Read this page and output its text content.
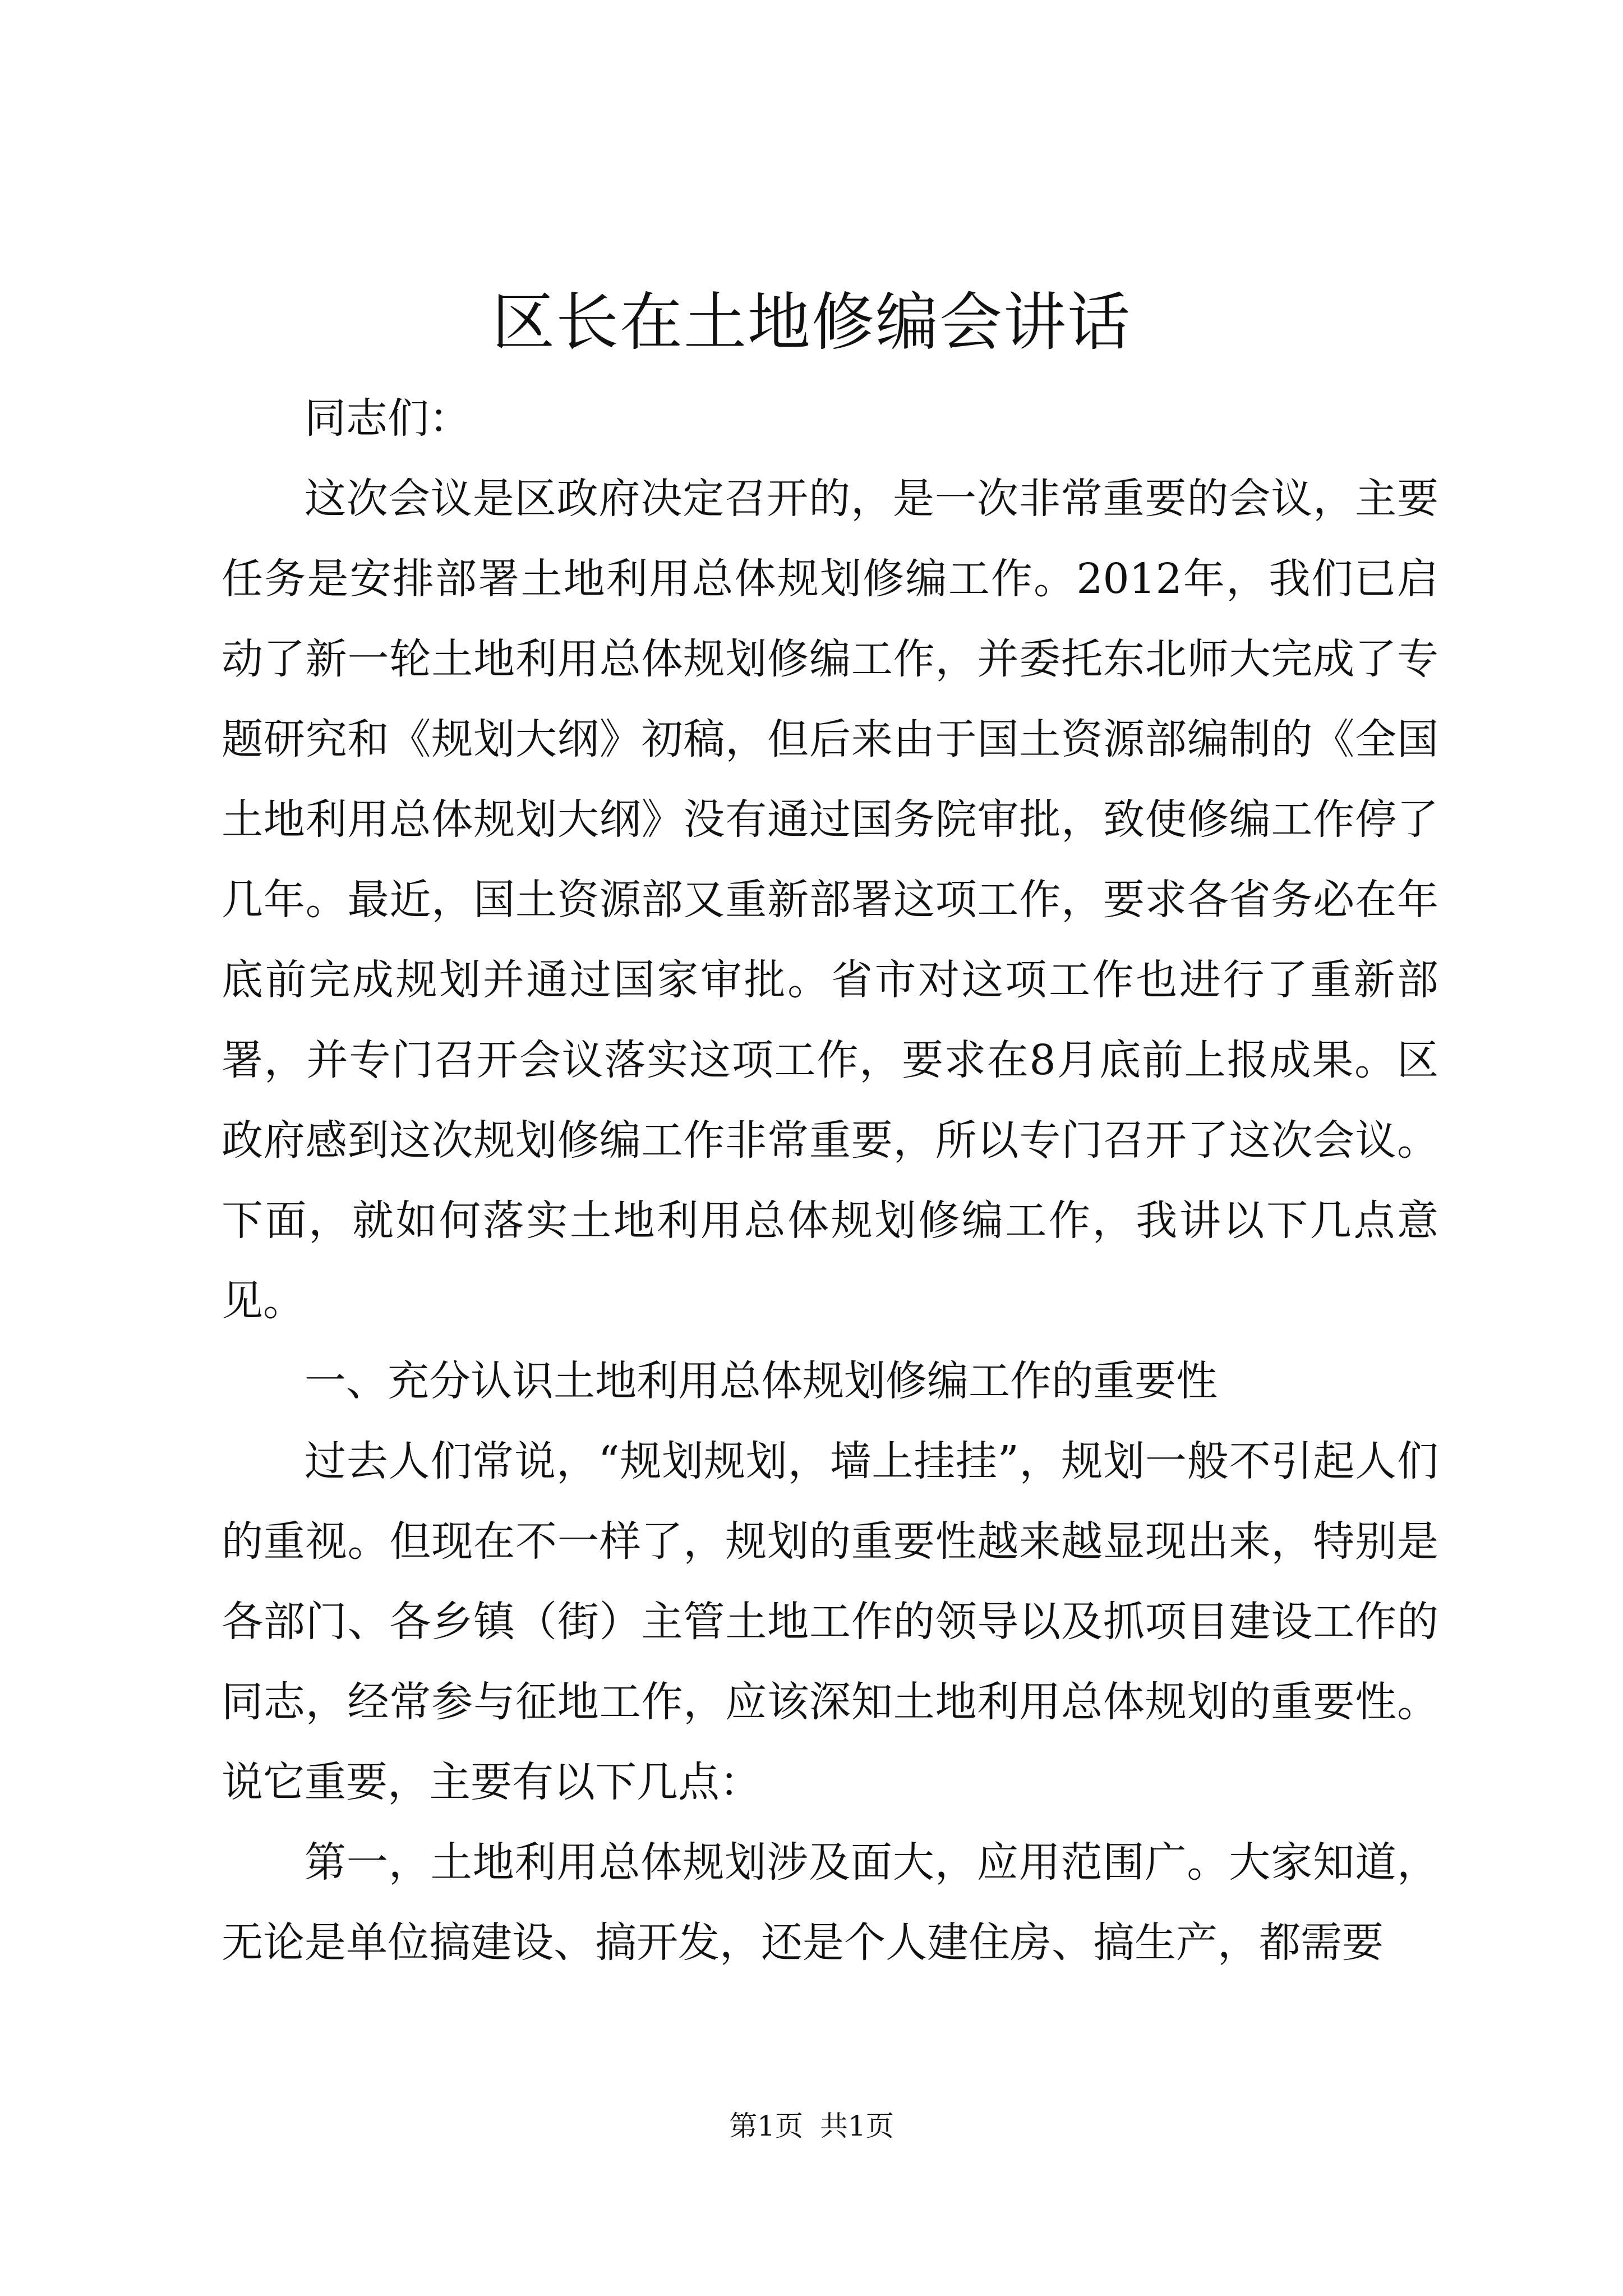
区长在土地修编会讲话

同志们：

这次会议是区政府决定召开的，是一次非常重要的会议，主要任务是安排部署土地利用总体规划修编工作。2012年，我们已启动了新一轮土地利用总体规划修编工作，并委托东北师大完成了专题研究和《规划大纲》初稿，但后来由于国土资源部编制的《全国土地利用总体规划大纲》没有通过国务院审批，致使修编工作停了几年。最近，国土资源部又重新部署这项工作，要求各省务必在年底前完成规划并通过国家审批。省市对这项工作也进行了重新部署，并专门召开会议落实这项工作，要求在8月底前上报成果。区政府感到这次规划修编工作非常重要，所以专门召开了这次会议。下面，就如何落实土地利用总体规划修编工作，我讲以下几点意见。

一、充分认识土地利用总体规划修编工作的重要性

过去人们常说，“规划规划，墙上挂挂”，规划一般不引起人们的重视。但现在不一样了，规划的重要性越来越显现出来，特别是各部门、各乡镇（街）主管土地工作的领导以及抓项目建设工作的同志，经常参与征地工作，应该深知土地利用总体规划的重要性。说它重要，主要有以下几点：

第一，土地利用总体规划涉及面大，应用范围广。大家知道，无论是单位搞建设、搞开发，还是个人建住房、搞生产，都需要

第1页 共1页
